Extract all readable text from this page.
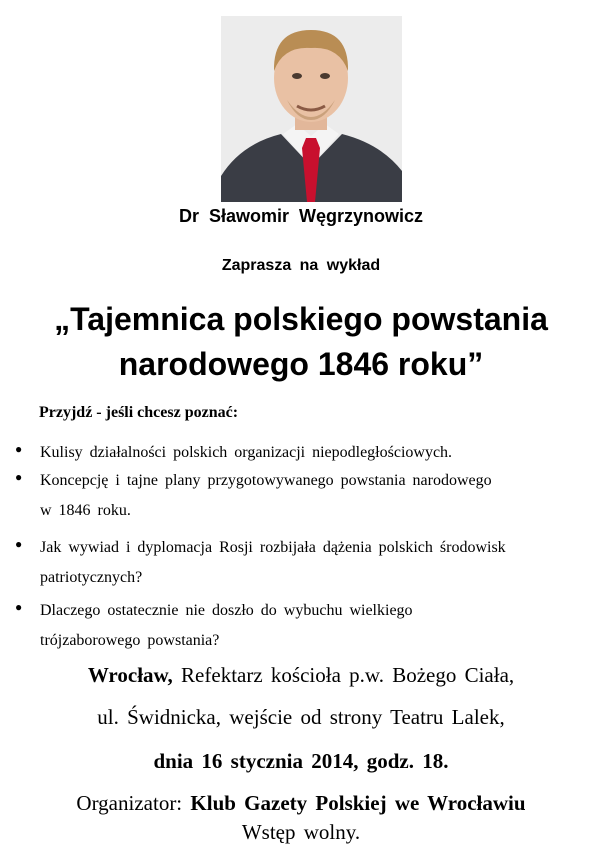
Dr Sławomir Węgrzynowicz
Zaprasza na wykład
„Tajemnica polskiego powstania
narodowego 1846 roku”
Przyjdź - jeśli chcesz poznać:
● Kulisy działalności polskich organizacji niepodległościowych.
● Koncepcję i tajne plany przygotowywanego powstania narodowego
w 1846 roku.
● Jak wywiad i dyplomacja Rosji rozbijała dążenia polskich środowisk
patriotycznych?
● Dlaczego ostatecznie nie doszło do wybuchu wielkiego
trójzaborowego powstania?
Wrocław, Refektarz kościoła p.w. Bożego Ciała,
ul. Świdnicka, wejście od strony Teatru Lalek,
dnia 16 stycznia 2014, godz. 18.
Organizator: Klub Gazety Polskiej we Wrocławiu
Wstęp wolny.
